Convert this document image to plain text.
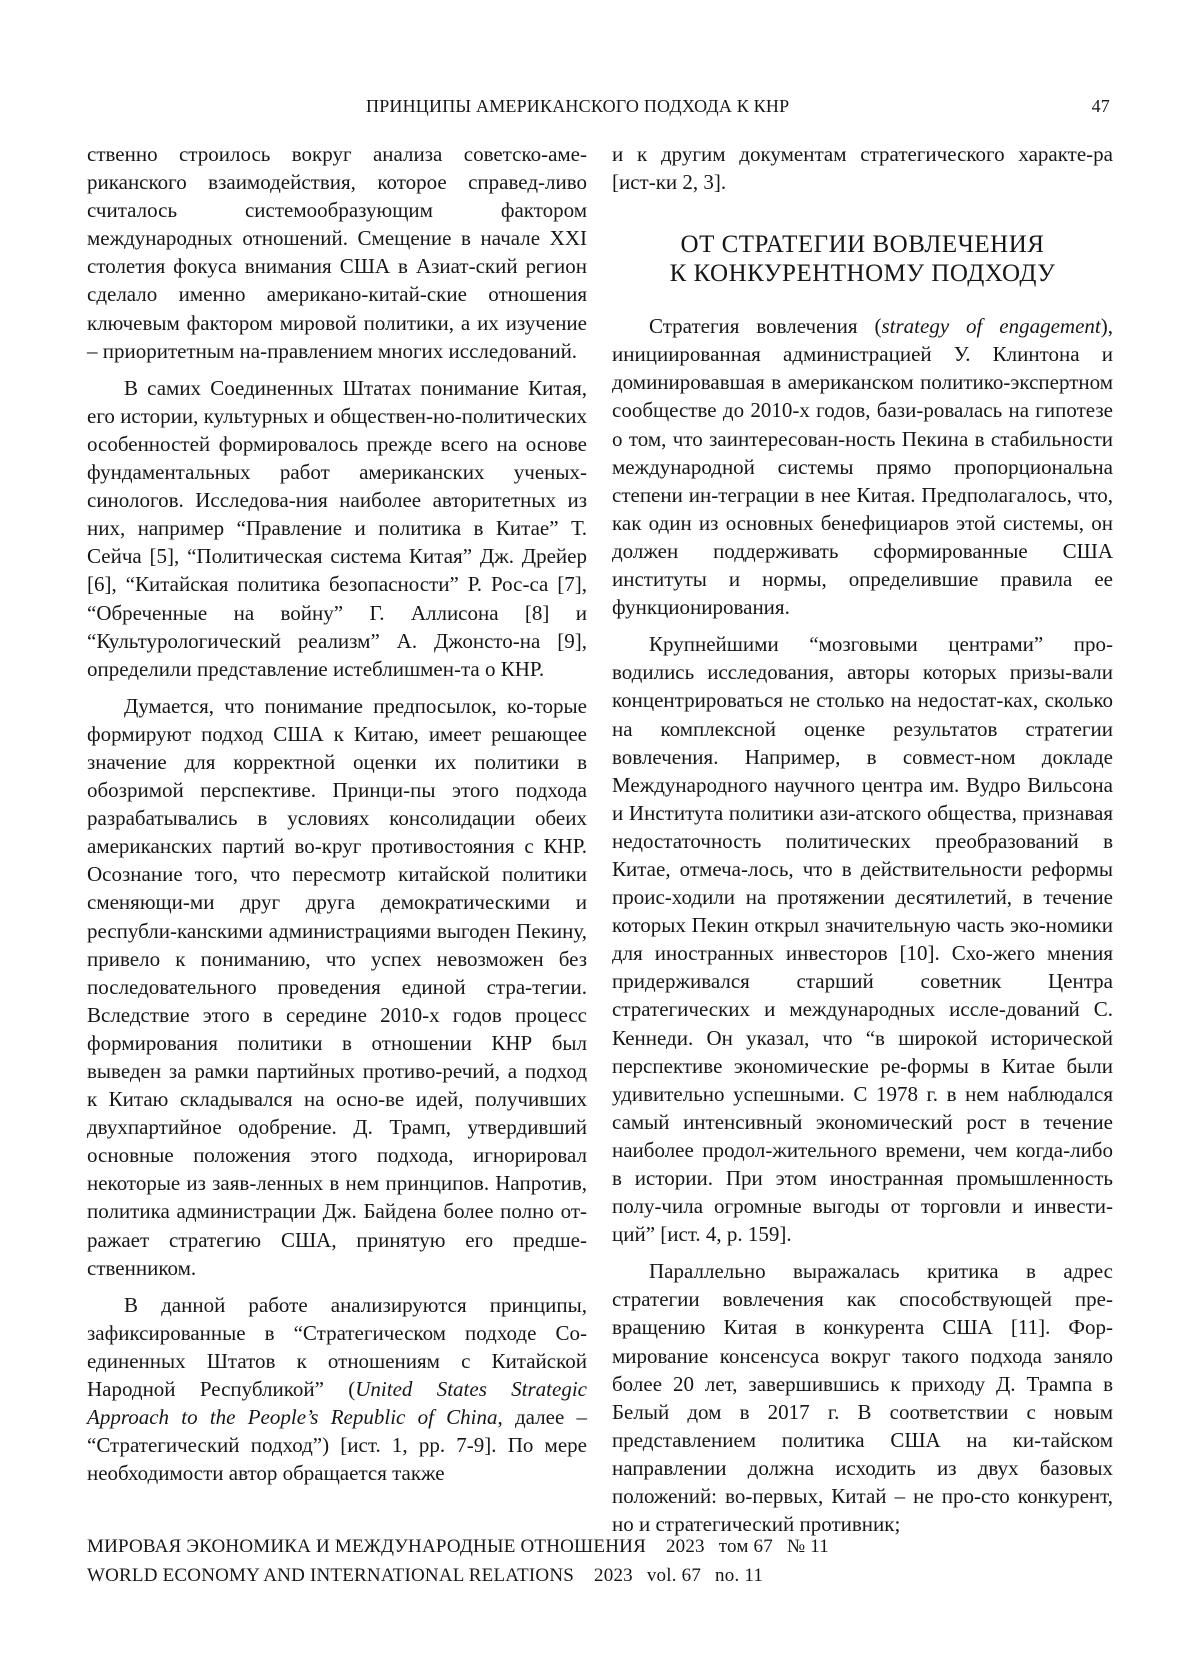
ПРИНЦИПЫ АМЕРИКАНСКОГО ПОДХОДА К КНР	47

ственно строилось вокруг анализа советско-аме-риканского взаимодействия, которое справед-ливо считалось системообразующим фактором международных отношений. Смещение в начале XXI столетия фокуса внимания США в Азиат-ский регион сделало именно американо-китай-ские отношения ключевым фактором мировой политики, а их изучение – приоритетным на-правлением многих исследований.

В самих Соединенных Штатах понимание Китая, его истории, культурных и обществен-но-политических особенностей формировалось прежде всего на основе фундаментальных работ американских ученых-синологов. Исследова-ния наиболее авторитетных из них, например “Правление и политика в Китае” Т. Сейча [5], “Политическая система Китая” Дж. Дрейер [6], “Китайская политика безопасности” Р. Рос-са [7], “Обреченные на войну” Г. Аллисона [8] и “Культурологический реализм” А. Джонсто-на [9], определили представление истеблишмен-та о КНР.

Думается, что понимание предпосылок, ко-торые формируют подход США к Китаю, имеет решающее значение для корректной оценки их политики в обозримой перспективе. Принци-пы этого подхода разрабатывались в условиях консолидации обеих американских партий во-круг противостояния с КНР. Осознание того, что пересмотр китайской политики сменяющи-ми друг друга демократическими и республи-канскими администрациями выгоден Пекину, привело к пониманию, что успех невозможен без последовательного проведения единой стра-тегии. Вследствие этого в середине 2010-х годов процесс формирования политики в отношении КНР был выведен за рамки партийных противо-речий, а подход к Китаю складывался на осно-ве идей, получивших двухпартийное одобрение. Д. Трамп, утвердивший основные положения этого подхода, игнорировал некоторые из заяв-ленных в нем принципов. Напротив, политика администрации Дж. Байдена более полно от-ражает стратегию США, принятую его предше-ственником.

В данной работе анализируются принципы, зафиксированные в “Стратегическом подходе Со-единенных Штатов к отношениям с Китайской Народной Республикой” (United States Strategic Approach to the People’s Republic of China, далее – “Стратегический подход”) [ист. 1, pp. 7-9]. По мере необходимости автор обращается также

и к другим документам стратегического характе-ра [ист-ки 2, 3].

ОТ СТРАТЕГИИ ВОВЛЕЧЕНИЯ
К КОНКУРЕНТНОМУ ПОДХОДУ

Стратегия вовлечения (strategy of engagement), инициированная администрацией У. Клинтона и доминировавшая в американском политико-экспертном сообществе до 2010-х годов, бази-ровалась на гипотезе о том, что заинтересован-ность Пекина в стабильности международной системы прямо пропорциональна степени ин-теграции в нее Китая. Предполагалось, что, как один из основных бенефициаров этой системы, он должен поддерживать сформированные США институты и нормы, определившие правила ее функционирования.

Крупнейшими “мозговыми центрами” про-водились исследования, авторы которых призы-вали концентрироваться не столько на недостат-ках, сколько на комплексной оценке результатов стратегии вовлечения. Например, в совмест-ном докладе Международного научного центра им. Вудро Вильсона и Института политики ази-атского общества, признавая недостаточность политических преобразований в Китае, отмеча-лось, что в действительности реформы проис-ходили на протяжении десятилетий, в течение которых Пекин открыл значительную часть эко-номики для иностранных инвесторов [10]. Схо-жего мнения придерживался старший советник Центра стратегических и международных иссле-дований С. Кеннеди. Он указал, что “в широкой исторической перспективе экономические ре-формы в Китае были удивительно успешными. С 1978 г. в нем наблюдался самый интенсивный экономический рост в течение наиболее продол-жительного времени, чем когда-либо в истории. При этом иностранная промышленность полу-чила огромные выгоды от торговли и инвести-ций” [ист. 4, p. 159].

Параллельно выражалась критика в адрес стратегии вовлечения как способствующей пре-вращению Китая в конкурента США [11]. Фор-мирование консенсуса вокруг такого подхода заняло более 20 лет, завершившись к приходу Д. Трампа в Белый дом в 2017 г. В соответствии с новым представлением политика США на ки-тайском направлении должна исходить из двух базовых положений: во-первых, Китай – не про-сто конкурент, но и стратегический противник;

МИРОВАЯ ЭКОНОМИКА И МЕЖДУНАРОДНЫЕ ОТНОШЕНИЯ 2023 том 67 № 11
WORLD ECONOMY AND INTERNATIONAL RELATIONS 2023 vol. 67 no. 11
